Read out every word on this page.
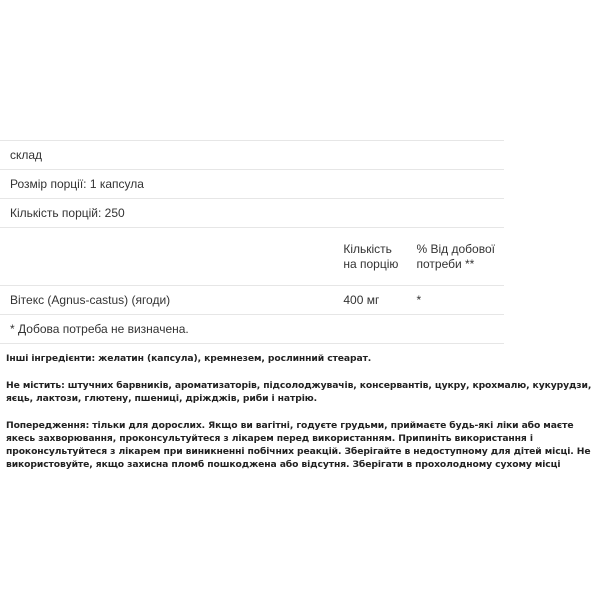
склад		
Розмір порції: 1 капсула		
Кількість порцій: 250		
	Кількість на порцію	% Від добової потреби **
Вітекс (Agnus-castus) (ягоди)	400 мг	*
* Добова потреба не визначена.		

Інші інгредієнти: желатин (капсула), кремнезем, рослинний стеарат.

Не містить: штучних барвників, ароматизаторів, підсолоджувачів, консервантів, цукру, крохмалю, кукурудзи, яєць, лактози, глютену, пшениці, дріжджів, риби і натрію.

Попередження: тільки для дорослих. Якщо ви вагітні, годуєте грудьми, приймаєте будь-які ліки або маєте якесь захворювання, проконсультуйтеся з лікарем перед використанням. Припиніть використання і проконсультуйтеся з лікарем при виникненні побічних реакцій. Зберігайте в недоступному для дітей місці. Не використовуйте, якщо захисна пломб пошкоджена або відсутня. Зберігати в прохолодному сухому місці
